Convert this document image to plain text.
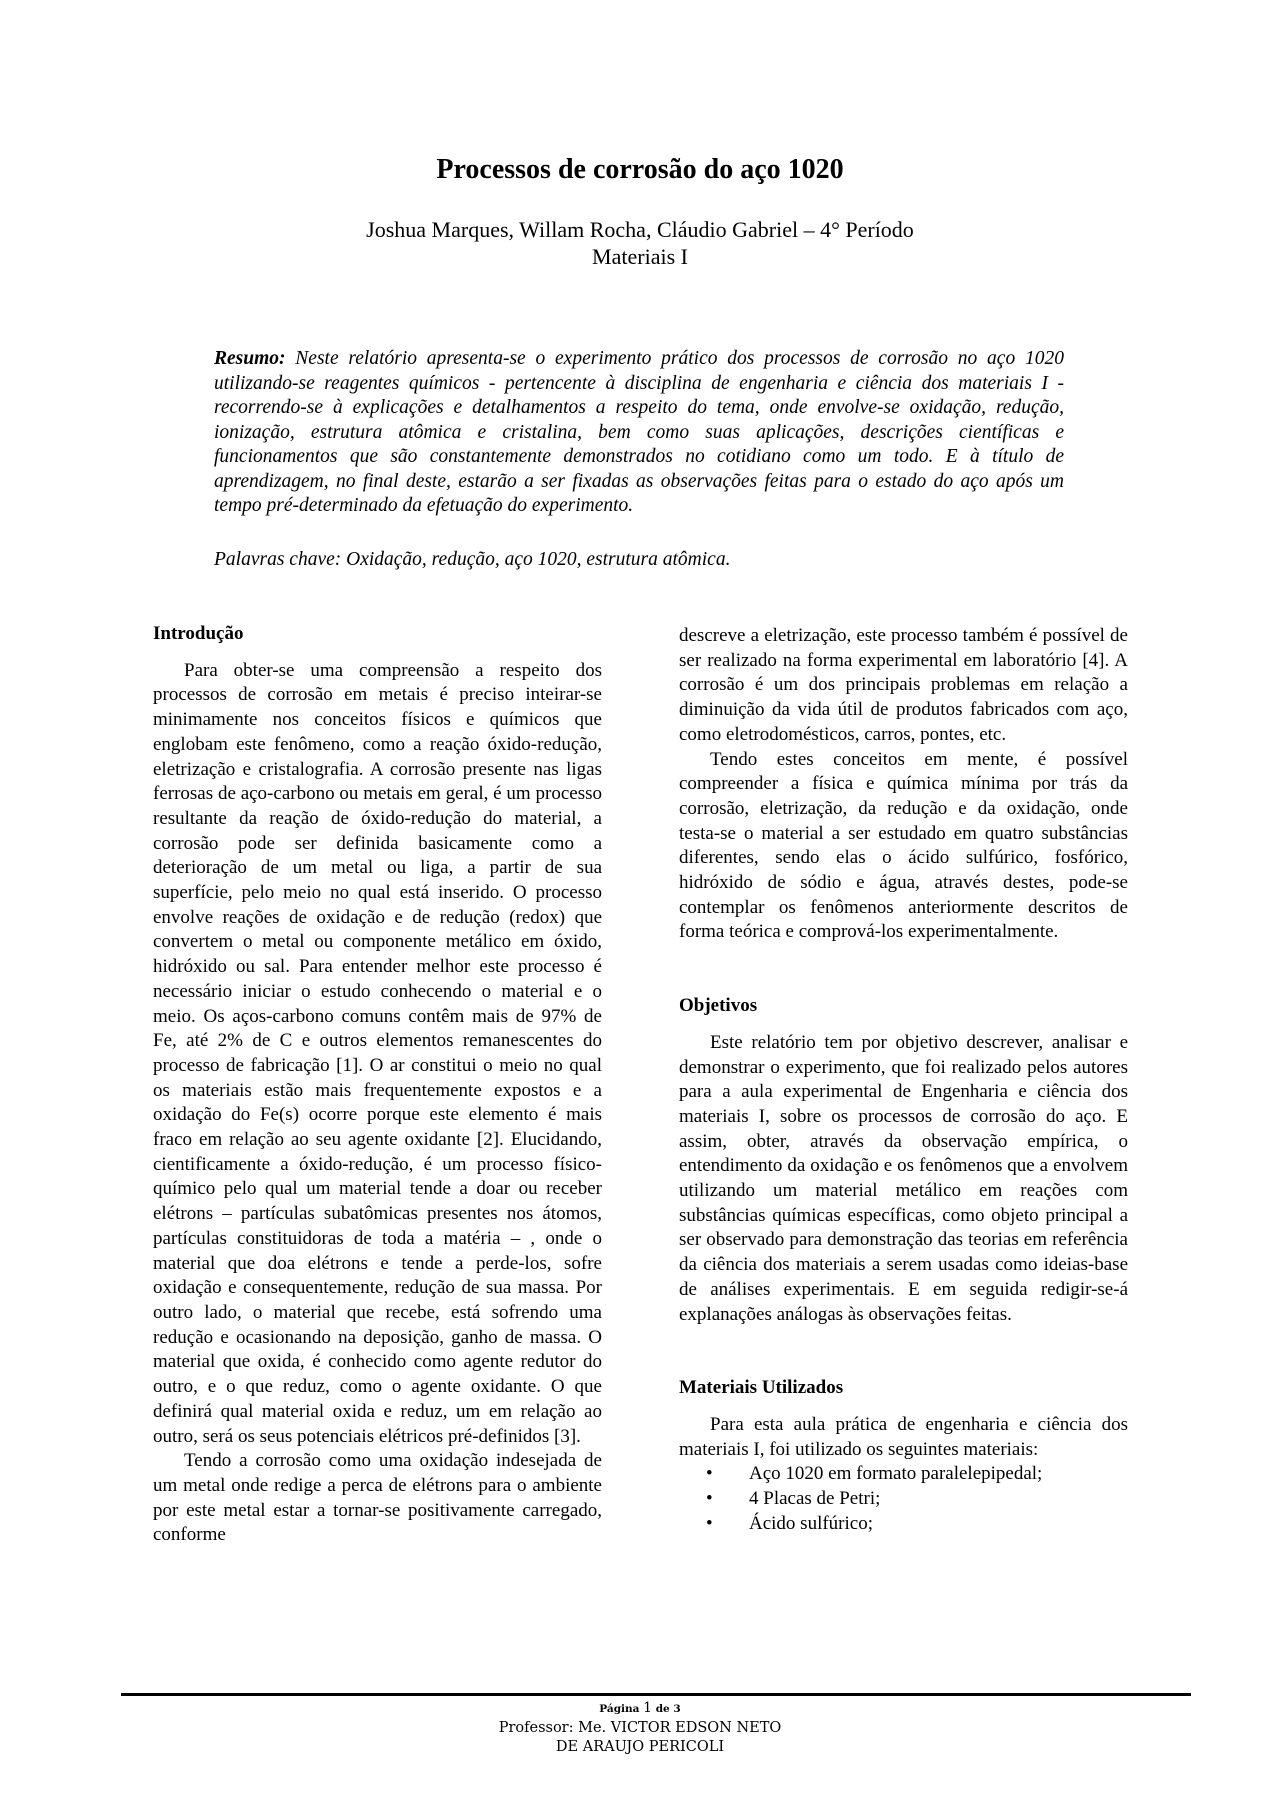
Processos de corrosão do aço 1020
Joshua Marques, Willam Rocha, Cláudio Gabriel – 4° Período
Materiais I

Resumo: Neste relatório apresenta-se o experimento prático dos processos de corrosão no aço 1020 utilizando-se reagentes químicos - pertencente à disciplina de engenharia e ciência dos materiais I - recorrendo-se à explicações e detalhamentos a respeito do tema, onde envolve-se oxidação, redução, ionização, estrutura atômica e cristalina, bem como suas aplicações, descrições científicas e funcionamentos que são constantemente demonstrados no cotidiano como um todo. E à título de aprendizagem, no final deste, estarão a ser fixadas as observações feitas para o estado do aço após um tempo pré-determinado da efetuação do experimento.

Palavras chave: Oxidação, redução, aço 1020, estrutura atômica.
Introdução

Para obter-se uma compreensão a respeito dos processos de corrosão em metais é preciso inteirar-se minimamente nos conceitos físicos e químicos que englobam este fenômeno, como a reação óxido-redução, eletrização e cristalografia. A corrosão presente nas ligas ferrosas de aço-carbono ou metais em geral, é um processo resultante da reação de óxido-redução do material, a corrosão pode ser definida basicamente como a deterioração de um metal ou liga, a partir de sua superfície, pelo meio no qual está inserido. O processo envolve reações de oxidação e de redução (redox) que convertem o metal ou componente metálico em óxido, hidróxido ou sal. Para entender melhor este processo é necessário iniciar o estudo conhecendo o material e o meio. Os aços-carbono comuns contêm mais de 97% de Fe, até 2% de C e outros elementos remanescentes do processo de fabricação [1]. O ar constitui o meio no qual os materiais estão mais frequentemente expostos e a oxidação do Fe(s) ocorre porque este elemento é mais fraco em relação ao seu agente oxidante [2]. Elucidando, cientificamente a óxido-redução, é um processo físico-químico pelo qual um material tende a doar ou receber elétrons – partículas subatômicas presentes nos átomos, partículas constituidoras de toda a matéria – , onde o material que doa elétrons e tende a perde-los, sofre oxidação e consequentemente, redução de sua massa. Por outro lado, o material que recebe, está sofrendo uma redução e ocasionando na deposição, ganho de massa. O material que oxida, é conhecido como agente redutor do outro, e o que reduz, como o agente oxidante. O que definirá qual material oxida e reduz, um em relação ao outro, será os seus potenciais elétricos pré-definidos [3].

Tendo a corrosão como uma oxidação indesejada de um metal onde redige a perca de elétrons para o ambiente por este metal estar a tornar-se positivamente carregado, conforme

descreve a eletrização, este processo também é possível de ser realizado na forma experimental em laboratório [4]. A corrosão é um dos principais problemas em relação a diminuição da vida útil de produtos fabricados com aço, como eletrodomésticos, carros, pontes, etc.

Tendo estes conceitos em mente, é possível compreender a física e química mínima por trás da corrosão, eletrização, da redução e da oxidação, onde testa-se o material a ser estudado em quatro substâncias diferentes, sendo elas o ácido sulfúrico, fosfórico, hidróxido de sódio e água, através destes, pode-se contemplar os fenômenos anteriormente descritos de forma teórica e comprová-los experimentalmente.

Objetivos

Este relatório tem por objetivo descrever, analisar e demonstrar o experimento, que foi realizado pelos autores para a aula experimental de Engenharia e ciência dos materiais I, sobre os processos de corrosão do aço. E assim, obter, através da observação empírica, o entendimento da oxidação e os fenômenos que a envolvem utilizando um material metálico em reações com substâncias químicas específicas, como objeto principal a ser observado para demonstração das teorias em referência da ciência dos materiais a serem usadas como ideias-base de análises experimentais. E em seguida redigir-se-á explanações análogas às observações feitas.

Materiais Utilizados

Para esta aula prática de engenharia e ciência dos materiais I, foi utilizado os seguintes materiais:

• Aço 1020 em formato paralelepipedal;
• 4 Placas de Petri;
• Ácido sulfúrico;
Página 1 de 3
Professor: Me. VICTOR EDSON NETO
DE ARAUJO PERICOLI
